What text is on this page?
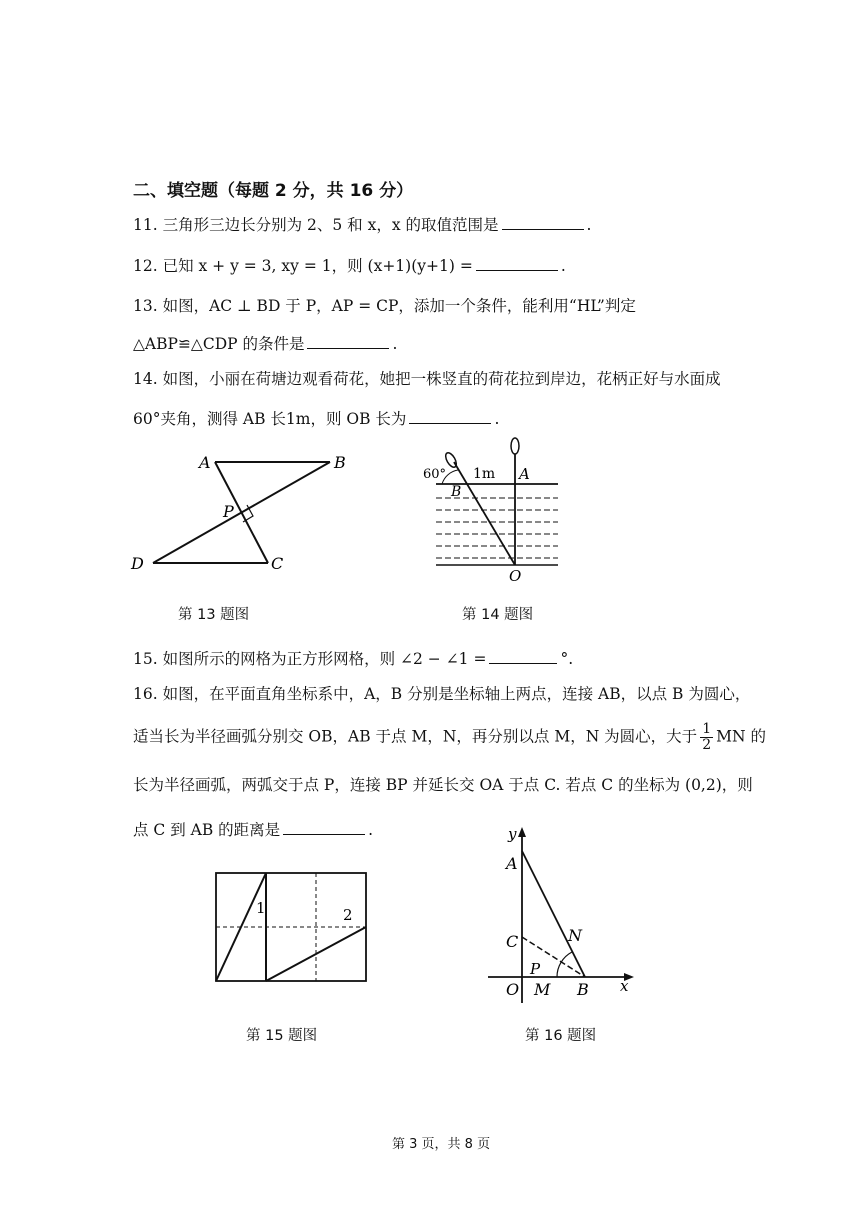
二、填空题（每题 2 分，共 16 分）
11. 三角形三边长分别为 2、5 和 x，x 的取值范围是	.
12. 已知 x + y = 3, xy = 1，则 (x+1)(y+1) =	.
13. 如图，AC ⊥ BD 于 P，AP = CP，添加一个条件，能利用“HL”判定
△ABP≌△CDP 的条件是	.
14. 如图，小丽在荷塘边观看荷花，她把一株竖直的荷花拉到岸边，花柄正好与水面成
60°夹角，测得 AB 长1m，则 OB 长为	.
A	B
C
D
P
第 13 题图
60° 1m A
B
O
第 14 题图
15. 如图所示的网格为正方形网格，则 ∠2 − ∠1 =	°.
16. 如图，在平面直角坐标系中，A，B 分别是坐标轴上两点，连接 AB，以点 B 为圆心，
适当长为半径画弧分别交 OB，AB 于点 M，N，再分别以点 M，N 为圆心，大于 $\frac{1}{2}$ MN 的
长为半径画弧，两弧交于点 P，连接 BP 并延长交 OA 于点 C. 若点 C 的坐标为 (0,2)，则
点 C 到 AB 的距离是	.
1	2
第 15 题图
y
x
A
C	N
P
O M B
第 16 题图
第 3 页，共 8 页
